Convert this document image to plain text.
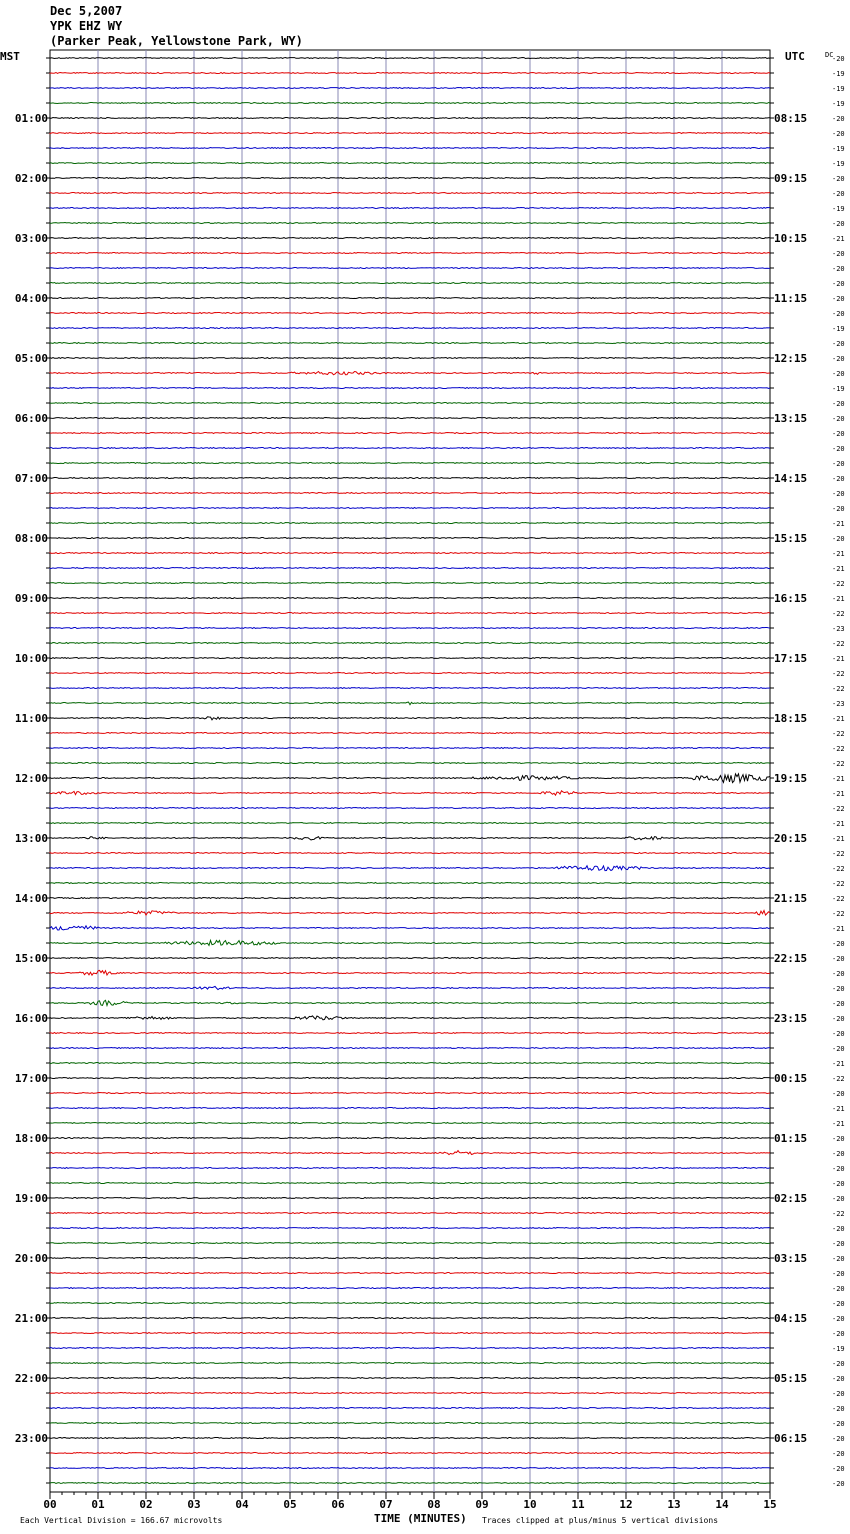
Dec 5,2007
YPK EHZ WY
(Parker Peak, Yellowstone Park, WY)
00	01	02	03	04	05	06	07	08	09	10	11	12	13	14	15
-20
-19
-19
-19
-20
-20
-19
-19
-20
-20
-19
-20
-21
-20
-20
-20
-20
-20
-19
-20
-20
-20
-19
-20
-20
-20
-20
-20
-20
-20
-20
-21
-20
-21
-21
-22
-21
-22
-23
-22
-21
-22
-22
-23
-21
-22
-22
-22
-21
-21
-22
-21
-21
-22
-22
-22
-22
-22
-21
-20
-20
-20
-20
-20
-20
-20
-20
-21
-22
-20
-21
-21
-20
-20
-20
-20
-20
-22
-20
-20
-20
-20
-20
-20
-20
-20
-19
-20
-20
-20
-20
-20
-20
-20
-20
-20
01:00
02:00
03:00
04:00
05:00
06:00
07:00
08:00
09:00
10:00
11:00
12:00
13:00
14:00
15:00
16:00
17:00
18:00
19:00
20:00
21:00
22:00
23:00
08:15
09:15
10:15
11:15
12:15
13:15
14:15
15:15
16:15
17:15
18:15
19:15
20:15
21:15
22:15
23:15
00:15
01:15
02:15
03:15
04:15
05:15
06:15
MST	UTC	DC
TIME (MINUTES)
Each Vertical Division = 166.67 microvolts	Traces clipped at plus/minus 5 vertical divisions
